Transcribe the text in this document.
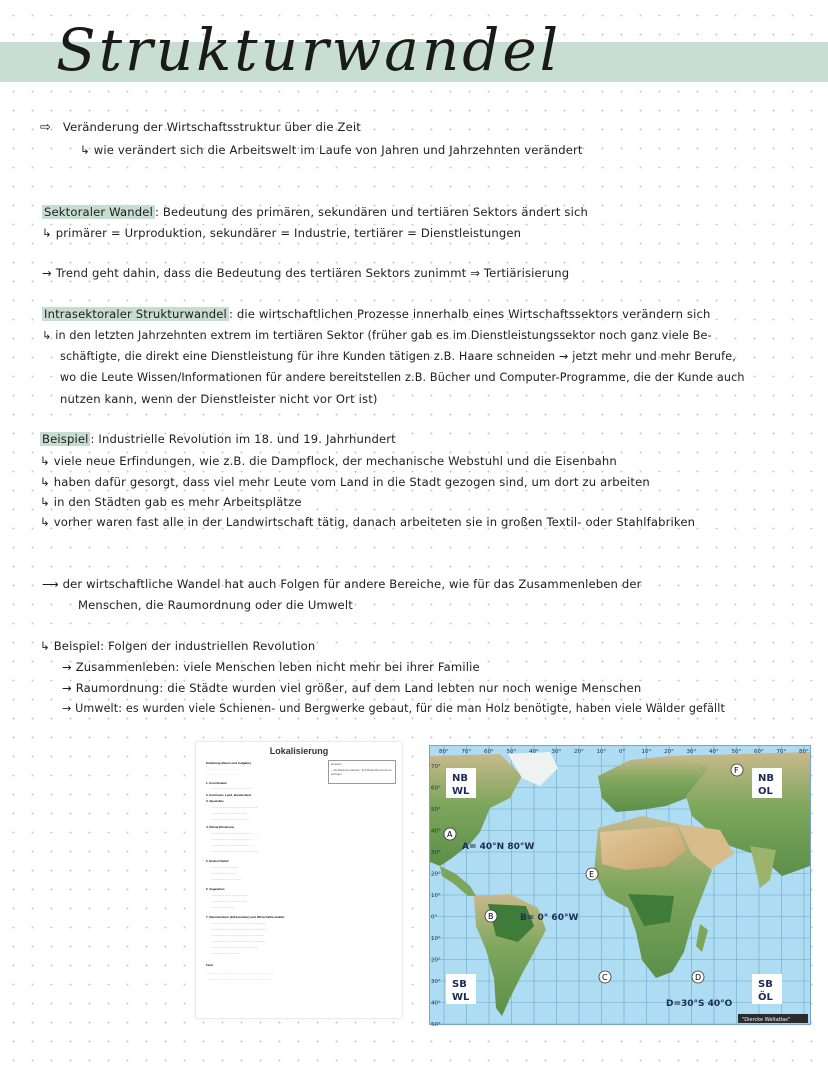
Strukturwandel
⇨ Veränderung der Wirtschaftsstruktur über die Zeit
↳ wie verändert sich die Arbeitswelt im Laufe von Jahren und Jahrzehnten verändert
Sektoraler Wandel : Bedeutung des primären, sekundären und tertiären Sektors ändert sich
↳ primärer = Urproduktion, sekundärer = Industrie, tertiärer = Dienstleistungen
→ Trend geht dahin, dass die Bedeutung des tertiären Sektors zunimmt ⇒ Tertiärisierung
Intrasektoraler Strukturwandel : die wirtschaftlichen Prozesse innerhalb eines Wirtschaftssektors verändern sich
↳ in den letzten Jahrzehnten extrem im tertiären Sektor (früher gab es im Dienstleistungssektor noch ganz viele Be-
schäftigte, die direkt eine Dienstleistung für ihre Kunden tätigen z.B. Haare schneiden → jetzt mehr und mehr Berufe,
wo die Leute Wissen/Informationen für andere bereitstellen z.B. Bücher und Computer-Programme, die der Kunde auch
nutzen kann, wenn der Dienstleister nicht vor Ort ist)
Beispiel : Industrielle Revolution im 18. und 19. Jahrhundert
↳ viele neue Erfindungen, wie z.B. die Dampflock, der mechanische Webstuhl und die Eisenbahn
↳ haben dafür gesorgt, dass viel mehr Leute vom Land in die Stadt gezogen sind, um dort zu arbeiten
↳ in den Städten gab es mehr Arbeitsplätze
↳ vorher waren fast alle in der Landwirtschaft tätig, danach arbeiteten sie in großen Textil- oder Stahlfabriken
⟶ der wirtschaftliche Wandel hat auch Folgen für andere Bereiche, wie für das Zusammenleben der
Menschen, die Raumordnung oder die Umwelt
↳ Beispiel: Folgen der industriellen Revolution
→ Zusammenleben: viele Menschen leben nicht mehr bei ihrer Familie
→ Raumordnung: die Städte wurden viel größer, auf dem Land lebten nur noch wenige Menschen
→ Umwelt: es wurden viele Schienen- und Bergwerke gebaut, für die man Holz benötigte, haben viele Wälder gefällt
Lokalisierung
Hinweis
- mit Material arbeiten und Materialnummerne anfügen
Einleitung (Raum und Aufgabe)
· · · · · · · · · · · · · · · · · · · · ·
· · · · · · · · · · · · · · · · ·
1. Koordinaten
- - - - - - - - - - - - - - - - - - - - - -
2. Kontinent, Land, Bundesland
3. Spezielles
- - - - - - - - - - - - - - - - - - - - - - - - -
- - - - - - - - - - - - - - - - - - -
- - - - - - - - - - - - - - - - - - - - -
4. Klima/ Klimazone
- - - - - - - - - - - - - - - - - - - - - - . . . . .
- - - - - - - - - - - - - - - - - - - - - . . . . .
- - - - - - - - - - - - - - - - - - - - . . . . . .
- - - - - - - - - - - - - - - - - - - - - - - - - . .
5. Boden/ Relief
- - - - - - - - - - - - - -
- - - - - - - - - - - - -
- - - - - - - - - - - - - - - -
6. Vegetation
- - - - - - - - - - - - - - - - - - - -
- - - - - - - - - - - - - - - - - - -
- - - - - - - - - - - - -
7. Raumstruktur (Infrastruktur) und Wirtschaftsstruktur
- - - - - - - - - - - - - - - - - - - - - - - - - - - - - -
- - - - - - - - - - - - - - - - - - - - - - - - - - - - - -
- - - - - - - - - - - - - - - - - - - - - - - - - - - - -
- - - - - - - - - - - - - - - - - - - - - - - - - - - - - -
- - - - - - - - - - - - - - - - - - - - - - - - -
- - - - - - - - - - - - - - - -
Fazit
- - - - - - - - - - - - - - - - - - - - - - - - - - - - - - - - - - - - -
- - - - - - - - - - - - - - - - - - - - - - - - - - - - - - - - - - - -
80° 70° 60° 50° 40° 30° 20° 10° 0°	10° 20° 30° 40° 50° 60° 70° 80°
70°
60°
50°
40°
30°
20°
10°
0°
10°
20°
30°
40°
50°
NB
WL
NB
OL
SB
WL
SB
ÖL
A
B
C	D
E
F
A= 40°N 80°W
B= 0° 60°W
D=30°S 40°O
"Diercke Weltatlas"
